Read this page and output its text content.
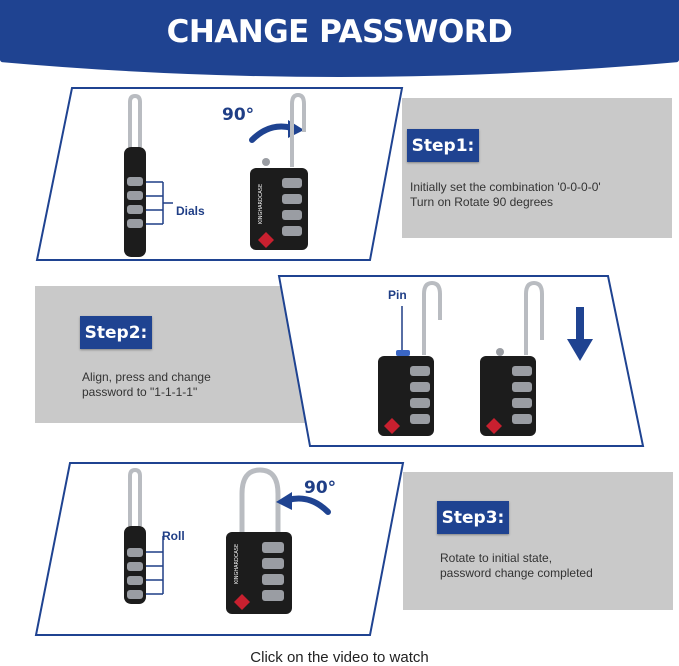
CHANGE PASSWORD
Step1:
Initially set the combination '0-0-0-0'
Turn on Rotate 90 degrees
Dials
90°
KINGHARDCASE
Step2:
Align, press and change
password to "1-1-1-1"
Pin
Step3:
Rotate to initial state,
password change completed
Roll
KINGHARDCASE
90°
Click on the video to watch
